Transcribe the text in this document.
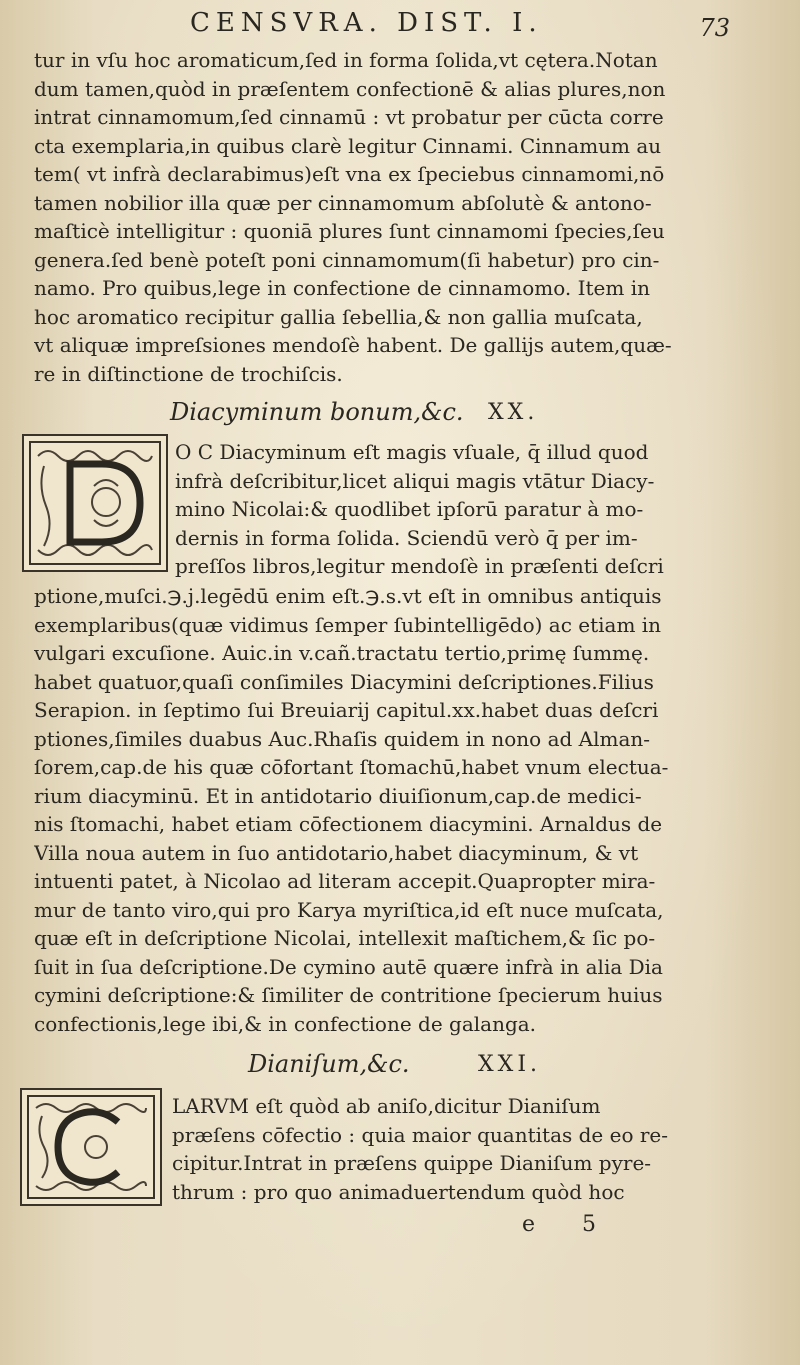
CENSVRA. DIST. I.	73
tur in vſu hoc aromaticum,ſed in forma ſolida,vt cętera.Notan
dum tamen,quòd in præſentem confectionē & alias plures,non
intrat cinnamomum,ſed cinnamū : vt probatur per cūcta corre
cta exemplaria,in quibus clarè legitur Cinnami. Cinnamum au
tem( vt infrà declarabimus)eſt vna ex ſpeciebus cinnamomi,nō
tamen nobilior illa quæ per cinnamomum abſolutè & antono-
maſticè intelligitur : quoniā plures ſunt cinnamomi ſpecies,ſeu
genera.ſed benè poteſt poni cinnamomum(ſi habetur) pro cin-
namo. Pro quibus,lege in confectione de cinnamomo. Item in
hoc aromatico recipitur gallia ſebellia,& non gallia muſcata,
vt aliquæ impreſsiones mendoſè habent. De gallijs autem,quæ-
re in diſtinctione de trochiſcis.
Diacyminum bonum,&c. XX.
O C Diacyminum eſt magis vſuale, q̄ illud quod
infrà deſcribitur,licet aliqui magis vtātur Diacy-
mino Nicolai:& quodlibet ipſorū paratur à mo-
dernis in forma ſolida. Sciendū verò q̄ per im-
preſſos libros,legitur mendoſè in præſenti deſcri
ptione,muſci.℈.j.legēdū enim eſt.℈.s.vt eſt in omnibus antiquis
exemplaribus(quæ vidimus ſemper ſubintelligēdo) ac etiam in
vulgari excuſione. Auic.in v.cañ.tractatu tertio,primę ſummę.
habet quatuor,quaſi conſimiles Diacymini deſcriptiones.Filius
Serapion. in ſeptimo ſui Breuiarij capitul.xx.habet duas deſcri
ptiones,ſimiles duabus Auc.Rhaſis quidem in nono ad Alman-
ſorem,cap.de his quæ cōfortant ſtomachū,habet vnum electua-
rium diacyminū. Et in antidotario diuiſionum,cap.de medici-
nis ſtomachi, habet etiam cōfectionem diacymini. Arnaldus de
Villa noua autem in ſuo antidotario,habet diacyminum, & vt
intuenti patet, à Nicolao ad literam accepit.Quapropter mira-
mur de tanto viro,qui pro Karya myriſtica,id eſt nuce muſcata,
quæ eſt in deſcriptione Nicolai, intellexit maſtichem,& ſic po-
ſuit in ſua deſcriptione.De cymino autē quære infrà in alia Dia
cymini deſcriptione:& ſimiliter de contritione ſpecierum huius
confectionis,lege ibi,& in confectione de galanga.
Dianiſum,&c.	XXI.
LARVM eſt quòd ab aniſo,dicitur Dianiſum
præſens cōfectio : quia maior quantitas de eo re-
cipitur.Intrat in præſens quippe Dianiſum pyre-
thrum : pro quo animaduertendum quòd hoc
e 5
